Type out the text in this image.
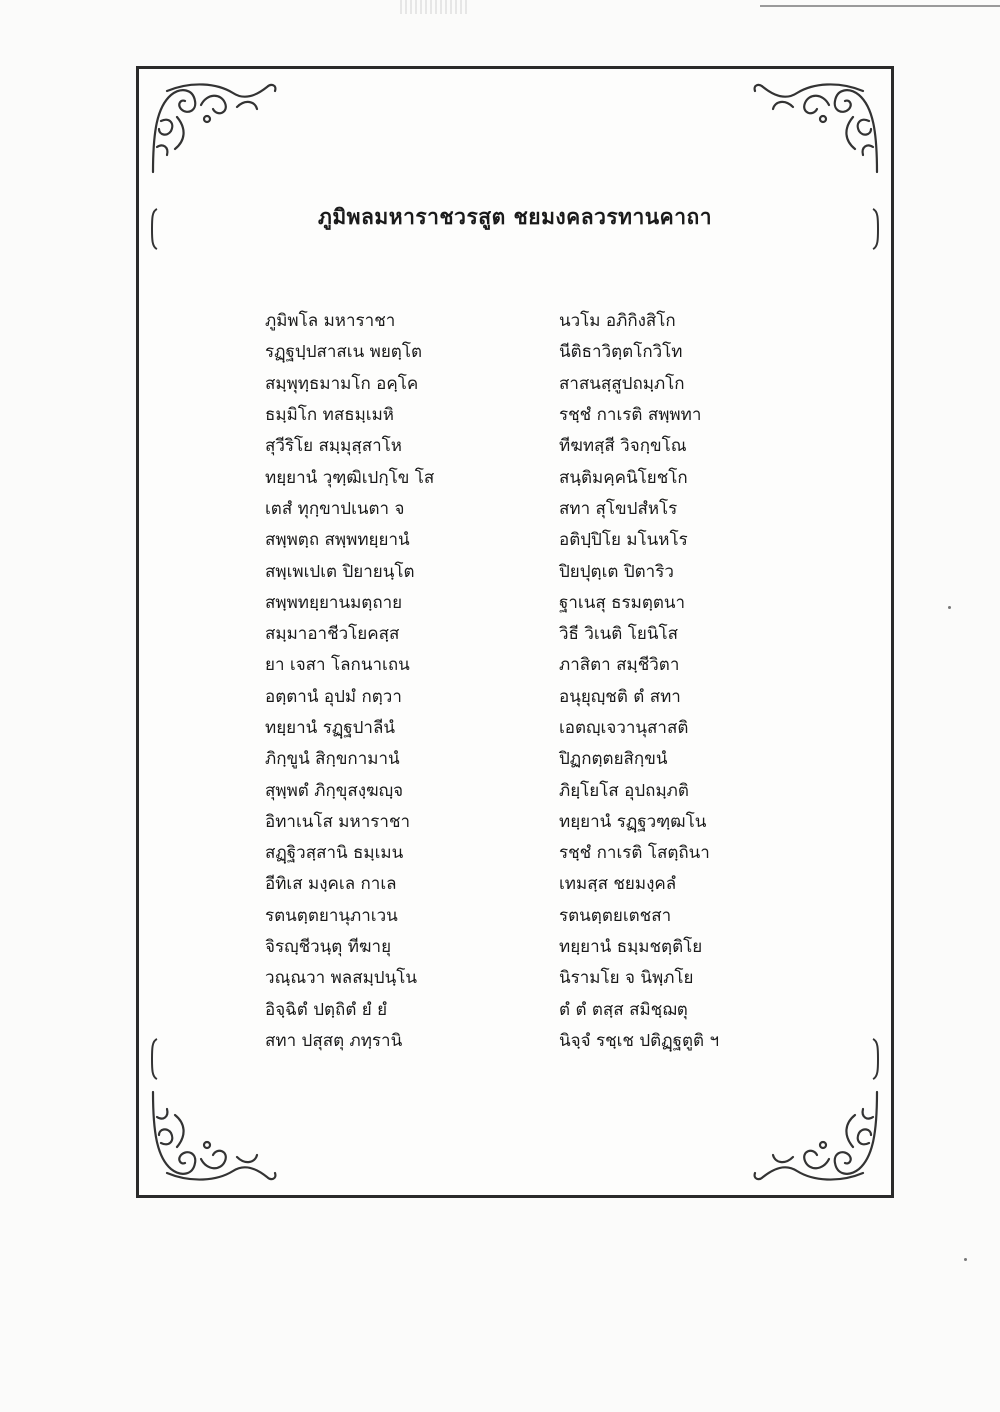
ภูมิพลมหาราชวรสูต ชยมงคลวรทานคาถา
ภูมิพโล มหาราชา	นวโม อภิกิงสิโก
รฏฺฐปฺปสาสเน พยตฺโต	นีติธาวิตฺตโกวิโท
สมฺพุทฺธมามโก อคฺโค	สาสนสฺสูปถมฺภโก
ธมฺมิโก ทสธมฺเมหิ	รชฺชํ กาเรติ สพฺพทา
สุวีริโย สมฺมุสฺสาโห	ทีฆทสฺสี วิจกฺขโณ
ทยฺยานํ วุฑฺฒิเปกฺโข โส	สนฺติมคฺคนิโยชโก
เตสํ ทุกฺขาปเนตา จ	สทา สุโขปสํหโร
สพฺพตฺถ สพฺพทยฺยานํ	อติปฺปิโย มโนหโร
สพฺเพเปเต ปิยายนฺโต	ปิยปุตฺเต ปิตาริว
สพฺพทยฺยานมตฺถาย	ฐาเนสุ ธรมตฺตนา
สมฺมาอาชีวโยคสฺส	วิธี วิเนติ โยนิโส
ยา เจสา โลกนาเถน	ภาสิตา สมฺชีวิตา
อตฺตานํ อุปมํ กตฺวา	อนุยุญฺชติ ตํ สทา
ทยฺยานํ รฏฺฐปาลีนํ	เอตญฺเจวานุสาสติ
ภิกฺขูนํ สิกฺขกามานํ	ปิฏกตฺตยสิกฺขนํ
สุพฺพตํ ภิกฺขุสงฺฆญฺจ	ภิยฺโยโส อุปถมฺภติ
อิทาเนโส มหาราชา	ทยฺยานํ รฏฺฐวฑฺฒโน
สฏฺฐิวสฺสานิ ธมฺเมน	รชฺชํ กาเรติ โสตฺถินา
อีทิเส มงฺคเล กาเล	เทมสฺส ชยมงฺคลํ
รตนตฺตยานุภาเวน	รตนตฺตยเตชสา
จิรญฺชีวนฺตุ ทีฆายุ	ทยฺยานํ ธมฺมชตฺติโย
วณฺณวา พลสมฺปนฺโน	นิรามโย จ นิพฺภโย
อิจฺฉิตํ ปตฺถิตํ ยํ ยํ	ตํ ตํ ตสฺส สมิชฺฌตุ
สทา ปสุสตุ ภทฺรานิ	นิจฺจํ รชฺเช ปติฏฺฐตูติ ฯ
